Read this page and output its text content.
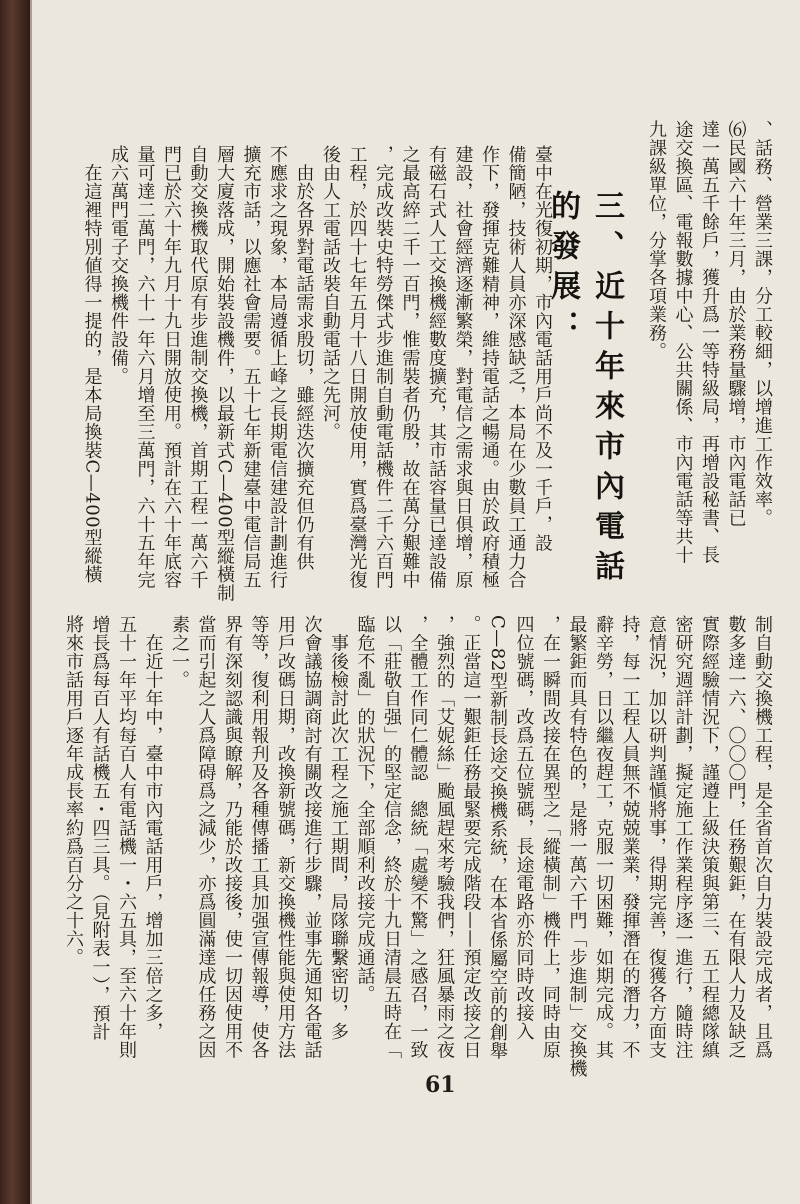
、話務、營業三課，分工較細，以增進工作效率。
⑹民國六十年三月，由於業務量驟增，市內電話已
達一萬五千餘戶，獲升爲一等特級局，再增設秘書、長
途交換區、電報數據中心、公共關係、市內電話等共十
九課級單位，分掌各項業務。
三、近十年來市內電話的發展：
臺中在光復初期，市內電話用戶尚不及一千戶，設
備簡陋，技術人員亦深感缺乏，本局在少數員工通力合
作下，發揮克難精神，維持電話之暢通。由於政府積極
建設，社會經濟逐漸繁榮，對電信之需求與日俱增，原
有磁石式人工交換機經數度擴充，其市話容量已達設備
之最高綷二千一百門，惟需裝者仍殷，故在萬分艱難中
，完成改裝史特勞傑式步進制自動電話機件二千六百門
工程，於四十七年五月十八日開放使用，實爲臺灣光復
後由人工電話改裝自動電話之先河。
　由於各界對電話需求殷切，雖經迭次擴充但仍有供
不應求之現象，本局遵循上峰之長期電信建設計劃進行
擴充市話，以應社會需要。五十七年新建臺中電信局五
層大廈落成，開始裝設機件，以最新式C—400型縱橫制
自動交換機取代原有步進制交換機，首期工程一萬六千
門已於六十年九月十九日開放使用。預計在六十年底容
量可達二萬門，六十一年六月增至三萬門，六十五年完
成六萬門電子交換機件設備。
　在這裡特別値得一提的，是本局換裝C—400型縱橫
制自動交換機工程，是全省首次自力裝設完成者，且爲
數多達一六、〇〇〇門，任務艱鉅，在有限人力及缺乏
實際經驗情況下，謹遵上級決策與第三、五工程總隊縝
密研究週詳計劃，擬定施工作業程序逐一進行，隨時注
意情況，加以研判謹愼將事，得期完善，復獲各方面支
持，每一工程人員無不兢兢業業，發揮潛在的潛力，不
辭辛勞，日以繼夜趕工，克服一切困難，如期完成。其
最繁鉅而具有特色的，是將一萬六千門「步進制」交換機
，在一瞬間改接在異型之「縱橫制」機件上，同時由原
四位號碼，改爲五位號碼，長途電路亦於同時改接入
C—82型新制長途交換機系統，在本省係屬空前的創舉
。正當這一艱鉅任務最緊要完成階段——預定改接之日
，強烈的「艾妮絲」颱風趕來考驗我們，狂風暴雨之夜
，全體工作同仁體認　總統「處變不驚」之感召，一致
以「莊敬自强」的堅定信念，終於十九日清晨五時在「
臨危不亂」的狀況下，全部順利改接完成通話。
　事後檢討此次工程之施工期間，局隊聯繫密切，多
次會議協調商討有關改接進行步驟，並事先通知各電話
用戶改碼日期，改換新號碼，新交換機性能與使用方法
等等，復利用報刋及各種傳播工具加强宣傳報導，使各
界有深刻認識與瞭解，乃能於改接後，使一切因使用不
當而引起之人爲障碍爲之減少，亦爲圓滿達成任務之因
素之一。
　在近十年中，臺中市內電話用戶，增加三倍之多，
五十一年平均每百人有電話機一・六五具，至六十年則
增長爲每百人有話機五・四三具。（見附表一），預計
將來市話用戶逐年成長率約爲百分之十六。
61
